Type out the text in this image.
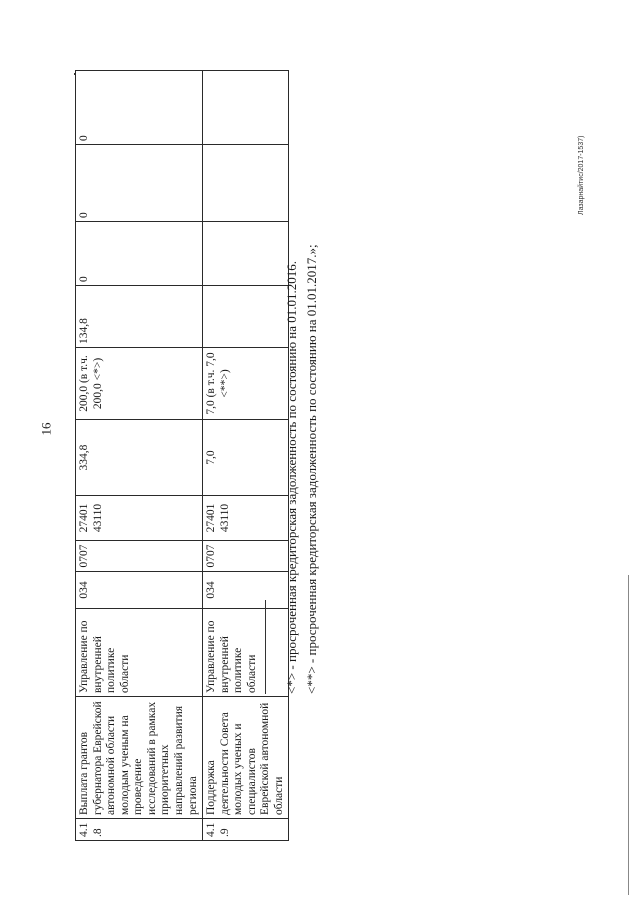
16
4.1.8	Выплата грантов губернатора Еврейской автономной области молодым ученым на проведение исследований в рамках приоритетных направлений развития региона	Управление по внутренней политике области	034	0707	27401 43110	334,8	200,0 (в т.ч. 200,0 <*>)	134,8	0	0	0
4.1.9	Поддержка деятельности Совета молодых ученых и специалистов Еврейской автономной области	Управление по внутренней политике области	034	0707	27401 43110	7,0	7,0 (в т.ч. 7,0 <**>)					<*> - просроченная кредиторская задолженность по состоянию на 01.01.2016. <**> - просроченная кредиторская задолженность по состоянию на 01.01.2017.»;
Лазарнайтис/2017-1537)
